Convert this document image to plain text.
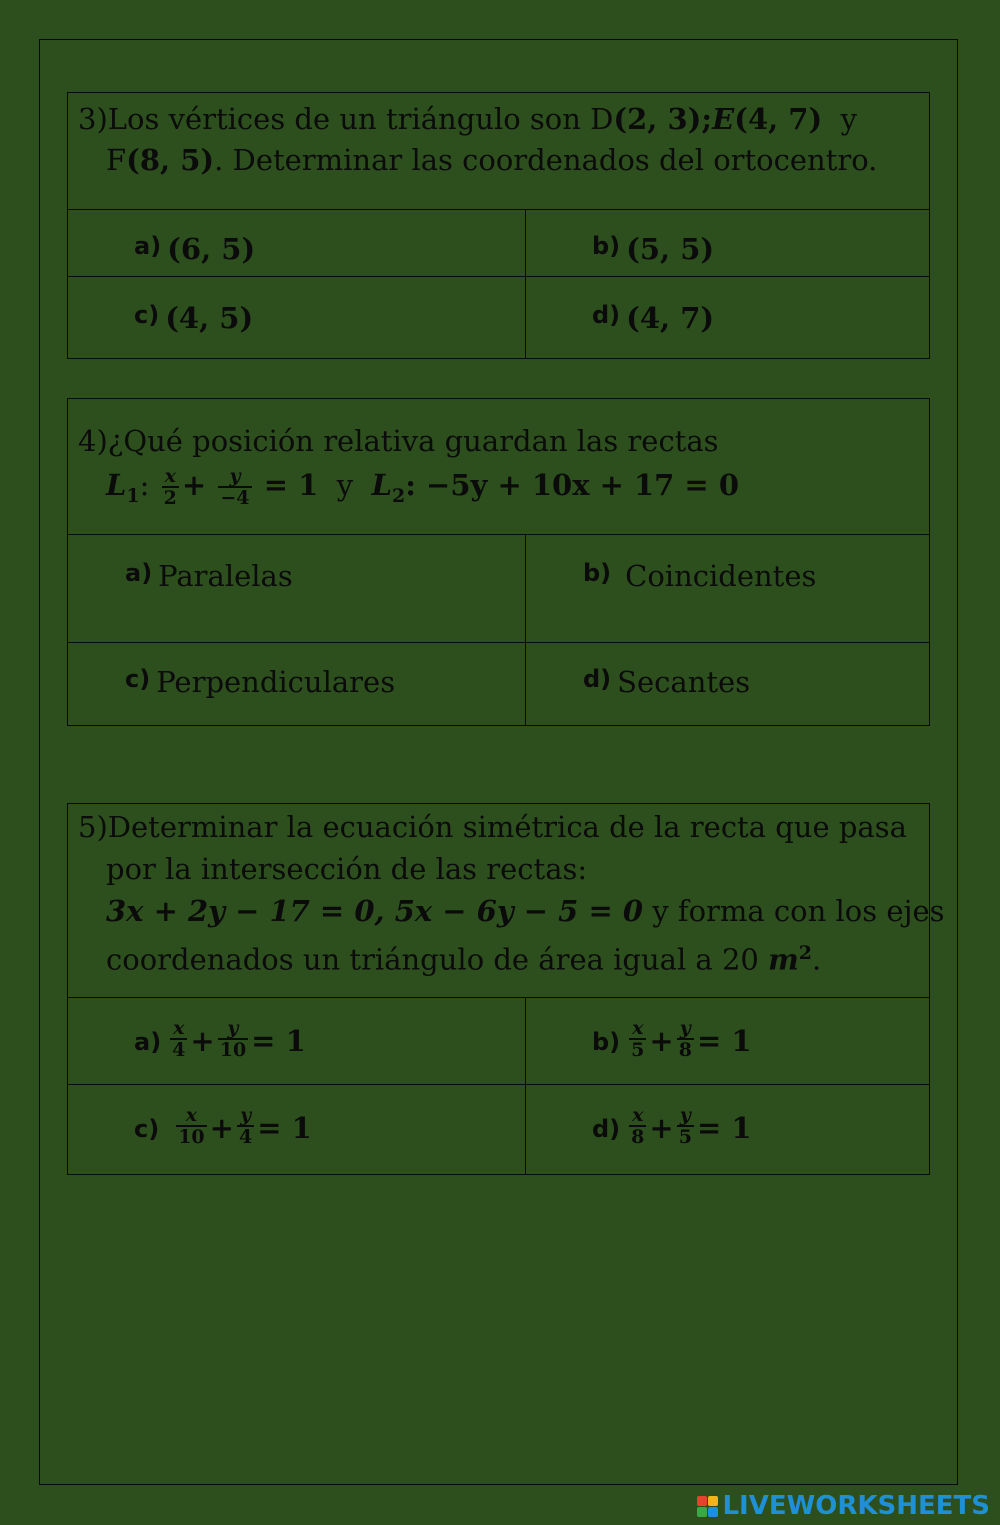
3)Los vértices de un triángulo son D(2, 3);E(4, 7) y
F(8, 5). Determinar las coordenados del ortocentro.
a) (6, 5)	b) (5, 5)
c) (4, 5)	d) (4, 7)
4)¿Qué posición relativa guardan las rectas
$L_1$: $\frac{x}{2} + \frac{y}{-4} = 1$ y $L_2$: −5y + 10x + 17 = 0
a) Paralelas	b) Coincidentes
c) Perpendiculares	d) Secantes
5)Determinar la ecuación simétrica de la recta que pasa
por la intersección de las rectas:
3x + 2y − 17 = 0, 5x − 6y − 5 = 0 y forma con los ejes
coordenados un triángulo de área igual a 20 $m^2$.
$a) \frac{x}{4} + \frac{y}{10} = 1$	$b) \frac{x}{5} + \frac{y}{8} = 1$
$c) \frac{x}{10} + \frac{y}{4} = 1$	$d) \frac{x}{8} + \frac{y}{5} = 1$
LIVEWORKSHEETS
